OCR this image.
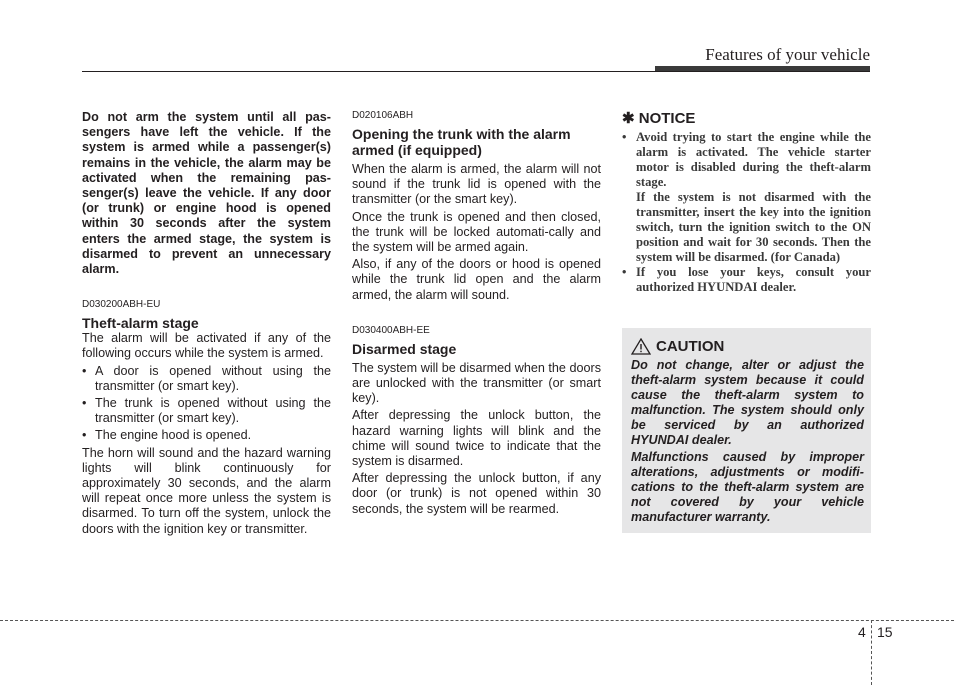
Features of your vehicle

Do not arm the system until all pas-sengers have left the vehicle. If the system is armed while a passenger(s) remains in the vehicle, the alarm may be activated when the remaining pas-senger(s) leave the vehicle. If any door (or trunk) or engine hood is opened within 30 seconds after the system enters the armed stage, the system is disarmed to prevent an unnecessary alarm.

D030200ABH-EU

Theft-alarm stage

The alarm will be activated if any of the following occurs while the system is armed.

• A door is opened without using the transmitter (or smart key).
• The trunk is opened without using the transmitter (or smart key).
• The engine hood is opened.

The horn will sound and the hazard warning lights will blink continuously for approximately 30 seconds, and the alarm will repeat once more unless the system is disarmed. To turn off the system, unlock the doors with the ignition key or transmitter.

D020106ABH

Opening the trunk with the alarm armed (if equipped)

When the alarm is armed, the alarm will not sound if the trunk lid is opened with the transmitter (or the smart key).

Once the trunk is opened and then closed, the trunk will be locked automati-cally and the system will be armed again.

Also, if any of the doors or hood is opened while the trunk lid open and the alarm armed, the alarm will sound.

D030400ABH-EE

Disarmed stage

The system will be disarmed when the doors are unlocked with the transmitter (or smart key).

After depressing the unlock button, the hazard warning lights will blink and the chime will sound twice to indicate that the system is disarmed.

After depressing the unlock button, if any door (or trunk) is not opened within 30 seconds, the system will be rearmed.

✱ NOTICE

• Avoid trying to start the engine while the alarm is activated. The vehicle starter motor is disabled during the theft-alarm stage.
If the system is not disarmed with the transmitter, insert the key into the ignition switch, turn the ignition switch to the ON position and wait for 30 seconds. Then the system will be disarmed. (for Canada)
• If you lose your keys, consult your authorized HYUNDAI dealer.

CAUTION

Do not change, alter or adjust the theft-alarm system because it could cause the theft-alarm system to malfunction. The system should only be serviced by an authorized HYUNDAI dealer.

Malfunctions caused by improper alterations, adjustments or modifi-cations to the theft-alarm system are not covered by your vehicle manufacturer warranty.

4 15
